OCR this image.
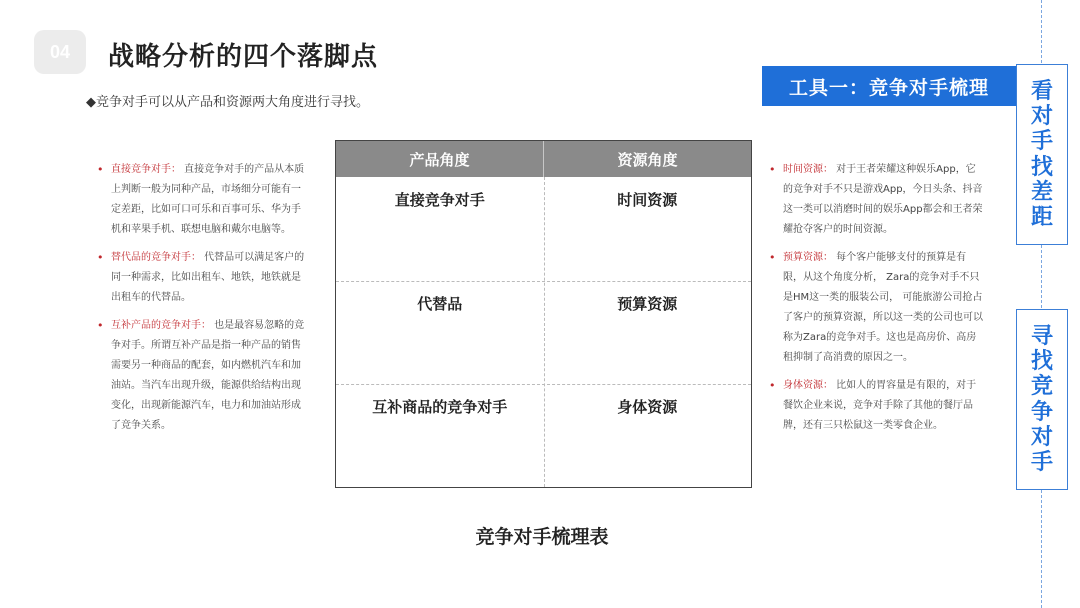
04	战略分析的四个落脚点
◆竞争对手可以从产品和资源两大角度进行寻找。
工具一：竞争对手梳理	看
对
手
找
差
距
寻
找
竞
争
对
手
• 直接竞争对手： 直接竞争对手的产品从本质上判断一般为同种产品，市场细分可能有一定差距，比如可口可乐和百事可乐、华为手机和苹果手机、联想电脑和戴尔电脑等。
• 替代品的竞争对手： 代替品可以满足客户的同一种需求，比如出租车、地铁，地铁就是出租车的代替品。
• 互补产品的竞争对手： 也是最容易忽略的竞争对手。所谓互补产品是指一种产品的销售需要另一种商品的配套，如内燃机汽车和加油站。当汽车出现升级，能源供给结构出现变化，出现新能源汽车，电力和加油站形成了竞争关系。
产品角度	资源角度
直接竞争对手	时间资源
代替品	预算资源
互补商品的竞争对手	身体资源
• 时间资源： 对于王者荣耀这种娱乐App，它的竞争对手不只是游戏App，今日头条、抖音这一类可以消磨时间的娱乐App都会和王者荣耀抢夺客户的时间资源。
• 预算资源： 每个客户能够支付的预算是有限，从这个角度分析， Zara的竞争对手不只是HM这一类的服装公司， 可能旅游公司抢占了客户的预算资源，所以这一类的公司也可以称为Zara的竞争对手。这也是高房价、高房租抑制了高消费的原因之一。
• 身体资源： 比如人的胃容量是有限的，对于餐饮企业来说，竞争对手除了其他的餐厅品牌，还有三只松鼠这一类零食企业。
竞争对手梳理表
